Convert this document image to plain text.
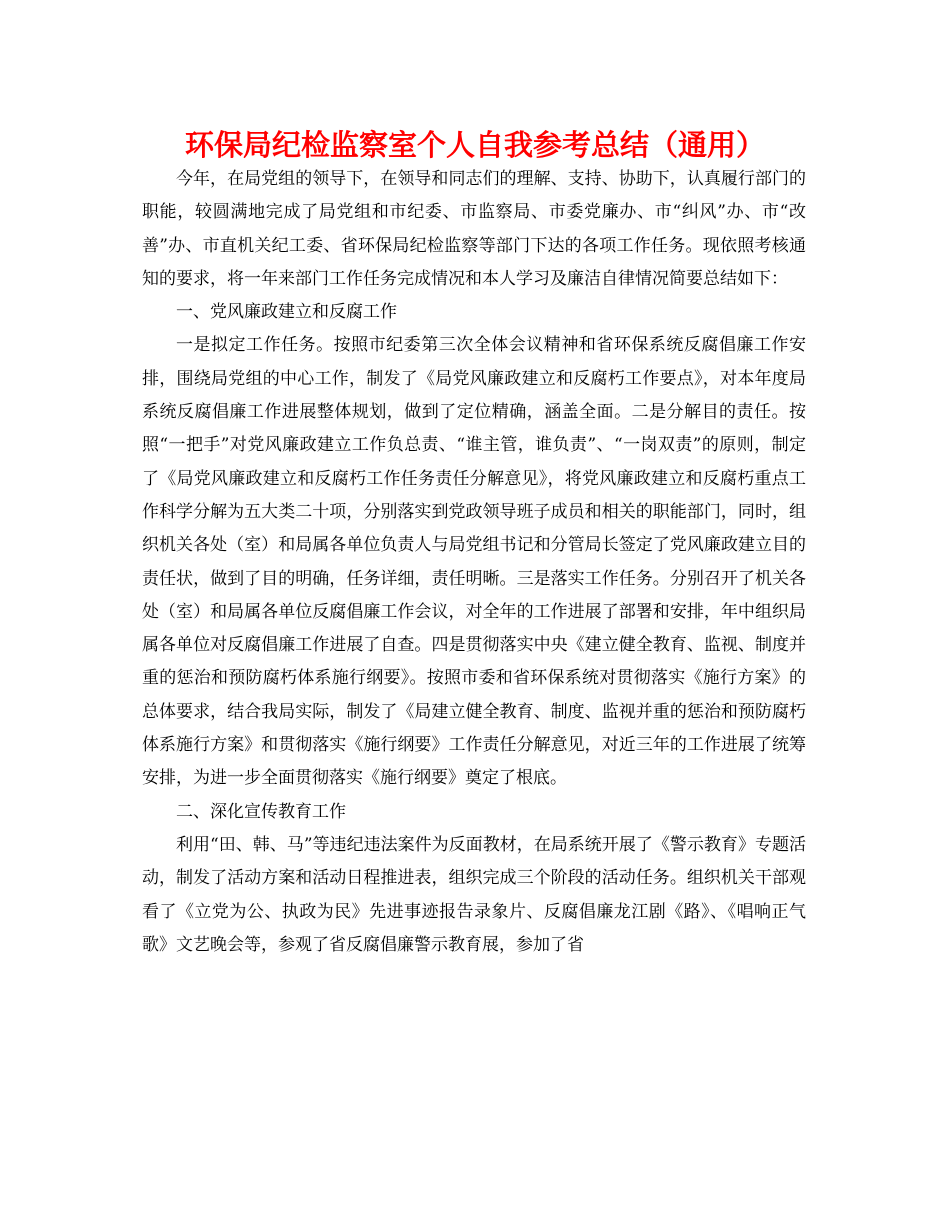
环保局纪检监察室个人自我参考总结（通用）

今年，在局党组的领导下，在领导和同志们的理解、支持、协助下，认真履行部门的职能，较圆满地完成了局党组和市纪委、市监察局、市委党廉办、市“纠风”办、市“改善”办、市直机关纪工委、省环保局纪检监察等部门下达的各项工作任务。现依照考核通知的要求，将一年来部门工作任务完成情况和本人学习及廉洁自律情况简要总结如下：

一、党风廉政建立和反腐工作

一是拟定工作任务。按照市纪委第三次全体会议精神和省环保系统反腐倡廉工作安排，围绕局党组的中心工作，制发了《局党风廉政建立和反腐朽工作要点》，对本年度局系统反腐倡廉工作进展整体规划，做到了定位精确，涵盖全面。二是分解目的责任。按照“一把手”对党风廉政建立工作负总责、“谁主管，谁负责”、“一岗双责”的原则，制定了《局党风廉政建立和反腐朽工作任务责任分解意见》，将党风廉政建立和反腐朽重点工作科学分解为五大类二十项，分别落实到党政领导班子成员和相关的职能部门，同时，组织机关各处（室）和局属各单位负责人与局党组书记和分管局长签定了党风廉政建立目的责任状，做到了目的明确，任务详细，责任明晰。三是落实工作任务。分别召开了机关各处（室）和局属各单位反腐倡廉工作会议，对全年的工作进展了部署和安排，年中组织局属各单位对反腐倡廉工作进展了自查。四是贯彻落实中央《建立健全教育、监视、制度并重的惩治和预防腐朽体系施行纲要》。按照市委和省环保系统对贯彻落实《施行方案》的总体要求，结合我局实际，制发了《局建立健全教育、制度、监视并重的惩治和预防腐朽体系施行方案》和贯彻落实《施行纲要》工作责任分解意见，对近三年的工作进展了统筹安排，为进一步全面贯彻落实《施行纲要》奠定了根底。

二、深化宣传教育工作

利用“田、韩、马”等违纪违法案件为反面教材，在局系统开展了《警示教育》专题活动，制发了活动方案和活动日程推进表，组织完成三个阶段的活动任务。组织机关干部观看了《立党为公、执政为民》先进事迹报告录象片、反腐倡廉龙江剧《路》、《唱响正气歌》文艺晚会等，参观了省反腐倡廉警示教育展，参加了省
